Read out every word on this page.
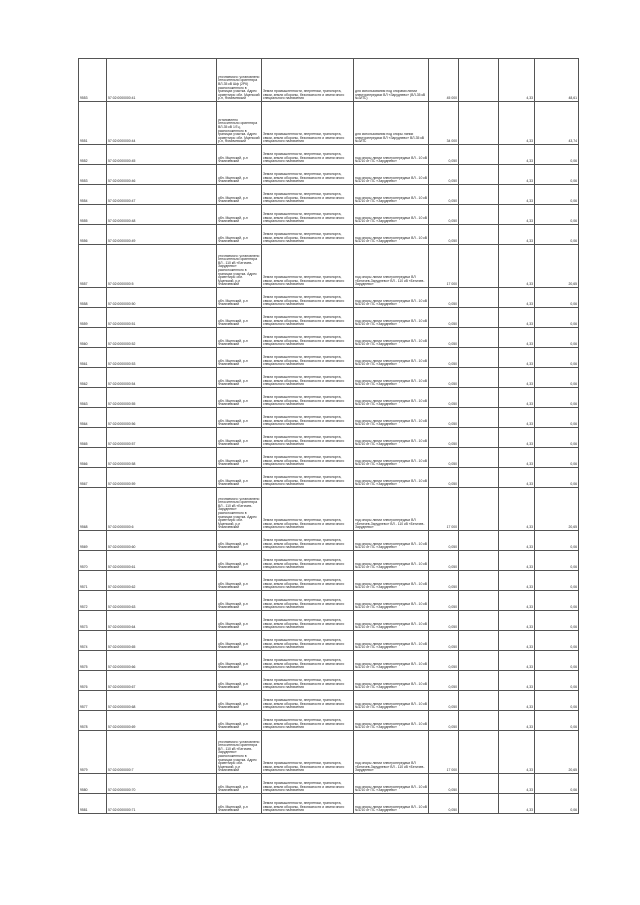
9553	57:02:0000000:41	уточняемого: установлено относительно ориентира ВЛ-35 кВ Шф (2РК) расположенного в границах участка. Адрес ориентира: обл. Мценский р-н, Фомичевский	Земли промышленности, энергетики, транспорта, связи, земли обороны, безопасности и земли иного специального назначения	для использования под опорами линии электропередачи ВЛ «Заруднево» (ВЛ-35 кВ №3/ПС)	45 000		4,33	48,61
9551	57:02:0000000:44	установлено относительно ориентира ВЛ-35 кВ 1/Гц, расположенного в границах участка. Адрес ориентира: обл. Мценский р-н, Фомичевский	Земли промышленности, энергетики, транспорта, связи, земли обороны, безопасности и земли иного специального назначения	для использования под опоры линии электропередачи ВЛ «Заруднево» ВЛ-35 кВ №3/ПС	34 000		4,33	43,74
9552	57:02:0000000:45	обл. Мценский, р-н Фомичевский	Земли промышленности, энергетики, транспорта, связи, земли обороны, безопасности и земли иного специального назначения	под опоры линии электропередачи ВЛ - 10 кВ №1/10 от ПС «Заруднево»	0,050		4,33	0,06
9553	57:02:0000000:46	обл. Мценский, р-н Фомичевский	Земли промышленности, энергетики, транспорта, связи, земли обороны, безопасности и земли иного специального назначения	под опоры линии электропередачи ВЛ - 10 кВ №1/10 от ПС «Заруднево»	0,050		4,33	0,06
9554	57:02:0000000:47	обл. Мценский, р-н Фомичевский	Земли промышленности, энергетики, транспорта, связи, земли обороны, безопасности и земли иного специального назначения	под опоры линии электропередачи ВЛ - 10 кВ №1/10 от ПС «Заруднево»	0,050		4,33	0,06
9555	57:02:0000000:48	обл. Мценский, р-н Фомичевский	Земли промышленности, энергетики, транспорта, связи, земли обороны, безопасности и земли иного специального назначения	под опоры линии электропередачи ВЛ - 10 кВ №1/10 от ПС «Заруднево»	0,050		4,33	0,06
9556	57:02:0000000:49	обл. Мценский, р-н Фомичевский	Земли промышленности, энергетики, транспорта, связи, земли обороны, безопасности и земли иного специального назначения	под опоры линии электропередачи ВЛ - 10 кВ №1/10 от ПС «Заруднево»	0,050		4,33	0,06
9557	57:02:0000000:5	уточняемого: установлено относительно ориентира ВЛ - 110 кВ «Бегичев-Заруднево» расположенного в границах участка. Адрес ориентира: обл. Мценский, р-н Фомичевский	Земли промышленности, энергетики, транспорта, связи, земли обороны, безопасности и земли иного специального назначения	под опоры линии электропередачи ВЛ «Бегичев-Заруднево» ВЛ - 110 кВ «Бегичев-Заруднево»	17 000		4,33	20,65
9558	57:02:0000000:50	обл. Мценский, р-н Фомичевский	Земли промышленности, энергетики, транспорта, связи, земли обороны, безопасности и земли иного специального назначения	под опоры линии электропередачи ВЛ - 10 кВ №1/10 от ПС «Заруднево»	0,050		4,33	0,06
9559	57:02:0000000:51	обл. Мценский, р-н Фомичевский	Земли промышленности, энергетики, транспорта, связи, земли обороны, безопасности и земли иного специального назначения	под опоры линии электропередачи ВЛ - 10 кВ №1/10 от ПС «Заруднево»	0,050		4,33	0,06
9560	57:02:0000000:52	обл. Мценский, р-н Фомичевский	Земли промышленности, энергетики, транспорта, связи, земли обороны, безопасности и земли иного специального назначения	под опоры линии электропередачи ВЛ - 10 кВ №1/10 от ПС «Заруднево»	0,050		4,33	0,06
9561	57:02:0000000:53	обл. Мценский, р-н Фомичевский	Земли промышленности, энергетики, транспорта, связи, земли обороны, безопасности и земли иного специального назначения	под опоры линии электропередачи ВЛ - 10 кВ №1/10 от ПС «Заруднево»	0,050		4,33	0,06
9562	57:02:0000000:54	обл. Мценский, р-н Фомичевский	Земли промышленности, энергетики, транспорта, связи, земли обороны, безопасности и земли иного специального назначения	под опоры линии электропередачи ВЛ - 10 кВ №1/10 от ПС «Заруднево»	0,050		4,33	0,06
9563	57:02:0000000:55	обл. Мценский, р-н Фомичевский	Земли промышленности, энергетики, транспорта, связи, земли обороны, безопасности и земли иного специального назначения	под опоры линии электропередачи ВЛ - 10 кВ №1/10 от ПС «Заруднево»	0,050		4,33	0,06
9564	57:02:0000000:56	обл. Мценский, р-н Фомичевский	Земли промышленности, энергетики, транспорта, связи, земли обороны, безопасности и земли иного специального назначения	под опоры линии электропередачи ВЛ - 10 кВ №1/10 от ПС «Заруднево»	0,050		4,33	0,06
9565	57:02:0000000:57	обл. Мценский, р-н Фомичевский	Земли промышленности, энергетики, транспорта, связи, земли обороны, безопасности и земли иного специального назначения	под опоры линии электропередачи ВЛ - 10 кВ №1/10 от ПС «Заруднево»	0,050		4,33	0,06
9566	57:02:0000000:58	обл. Мценский, р-н Фомичевский	Земли промышленности, энергетики, транспорта, связи, земли обороны, безопасности и земли иного специального назначения	под опоры линии электропередачи ВЛ - 10 кВ №1/10 от ПС «Заруднево»	0,050		4,33	0,06
9567	57:02:0000000:59	обл. Мценский, р-н Фомичевский	Земли промышленности, энергетики, транспорта, связи, земли обороны, безопасности и земли иного специального назначения	под опоры линии электропередачи ВЛ - 10 кВ №1/10 от ПС «Заруднево»	0,050		4,33	0,06
9568	57:02:0000000:6	уточняемого: установлено относительно ориентира ВЛ - 110 кВ «Бегичев-Заруднево» расположенного в границах участка. Адрес ориентира: обл. Мценский, р-н Фомичевский	Земли промышленности, энергетики, транспорта, связи, земли обороны, безопасности и земли иного специального назначения	под опоры линии электропередачи ВЛ «Бегичев-Заруднево» ВЛ - 110 кВ «Бегичев-Заруднево»	17 000		4,33	20,65
9569	57:02:0000000:60	обл. Мценский, р-н Фомичевский	Земли промышленности, энергетики, транспорта, связи, земли обороны, безопасности и земли иного специального назначения	под опоры линии электропередачи ВЛ - 10 кВ №1/10 от ПС «Заруднево»	0,050		4,33	0,06
9570	57:02:0000000:61	обл. Мценский, р-н Фомичевский	Земли промышленности, энергетики, транспорта, связи, земли обороны, безопасности и земли иного специального назначения	под опоры линии электропередачи ВЛ - 10 кВ №1/10 от ПС «Заруднево»	0,050		4,33	0,06
9571	57:02:0000000:62	обл. Мценский, р-н Фомичевский	Земли промышленности, энергетики, транспорта, связи, земли обороны, безопасности и земли иного специального назначения	под опоры линии электропередачи ВЛ - 10 кВ №1/10 от ПС «Заруднево»	0,050		4,33	0,06
9572	57:02:0000000:63	обл. Мценский, р-н Фомичевский	Земли промышленности, энергетики, транспорта, связи, земли обороны, безопасности и земли иного специального назначения	под опоры линии электропередачи ВЛ - 10 кВ №1/10 от ПС «Заруднево»	0,050		4,33	0,06
9573	57:02:0000000:64	обл. Мценский, р-н Фомичевский	Земли промышленности, энергетики, транспорта, связи, земли обороны, безопасности и земли иного специального назначения	под опоры линии электропередачи ВЛ - 10 кВ №1/10 от ПС «Заруднево»	0,050		4,33	0,06
9574	57:02:0000000:65	обл. Мценский, р-н Фомичевский	Земли промышленности, энергетики, транспорта, связи, земли обороны, безопасности и земли иного специального назначения	под опоры линии электропередачи ВЛ - 10 кВ №1/10 от ПС «Заруднево»	0,050		4,33	0,06
9575	57:02:0000000:66	обл. Мценский, р-н Фомичевский	Земли промышленности, энергетики, транспорта, связи, земли обороны, безопасности и земли иного специального назначения	под опоры линии электропередачи ВЛ - 10 кВ №1/10 от ПС «Заруднево»	0,050		4,33	0,06
9576	57:02:0000000:67	обл. Мценский, р-н Фомичевский	Земли промышленности, энергетики, транспорта, связи, земли обороны, безопасности и земли иного специального назначения	под опоры линии электропередачи ВЛ - 10 кВ №1/10 от ПС «Заруднево»	0,050		4,33	0,06
9577	57:02:0000000:68	обл. Мценский, р-н Фомичевский	Земли промышленности, энергетики, транспорта, связи, земли обороны, безопасности и земли иного специального назначения	под опоры линии электропередачи ВЛ - 10 кВ №1/10 от ПС «Заруднево»	0,050		4,33	0,06
9578	57:02:0000000:69	обл. Мценский, р-н Фомичевский	Земли промышленности, энергетики, транспорта, связи, земли обороны, безопасности и земли иного специального назначения	под опоры линии электропередачи ВЛ - 10 кВ №1/10 от ПС «Заруднево»	0,050		4,33	0,06
9579	57:02:0000000:7	уточняемого: установлено относительно ориентира ВЛ - 110 кВ «Бегичев-Заруднево» расположенного в границах участка. Адрес ориентира: обл. Мценский, р-н Фомичевский	Земли промышленности, энергетики, транспорта, связи, земли обороны, безопасности и земли иного специального назначения	под опоры линии электропередачи ВЛ «Бегичев-Заруднево» ВЛ - 110 кВ «Бегичев-Заруднево»	17 000		4,33	20,65
9580	57:02:0000000:70	обл. Мценский, р-н Фомичевский	Земли промышленности, энергетики, транспорта, связи, земли обороны, безопасности и земли иного специального назначения	под опоры линии электропередачи ВЛ - 10 кВ №1/10 от ПС «Заруднево»	0,050		4,33	0,06
9581	57:02:0000000:71	обл. Мценский, р-н Фомичевский	Земли промышленности, энергетики, транспорта, связи, земли обороны, безопасности и земли иного специального назначения	под опоры линии электропередачи ВЛ - 10 кВ №1/10 от ПС «Заруднево»	0,050		4,33	0,06
